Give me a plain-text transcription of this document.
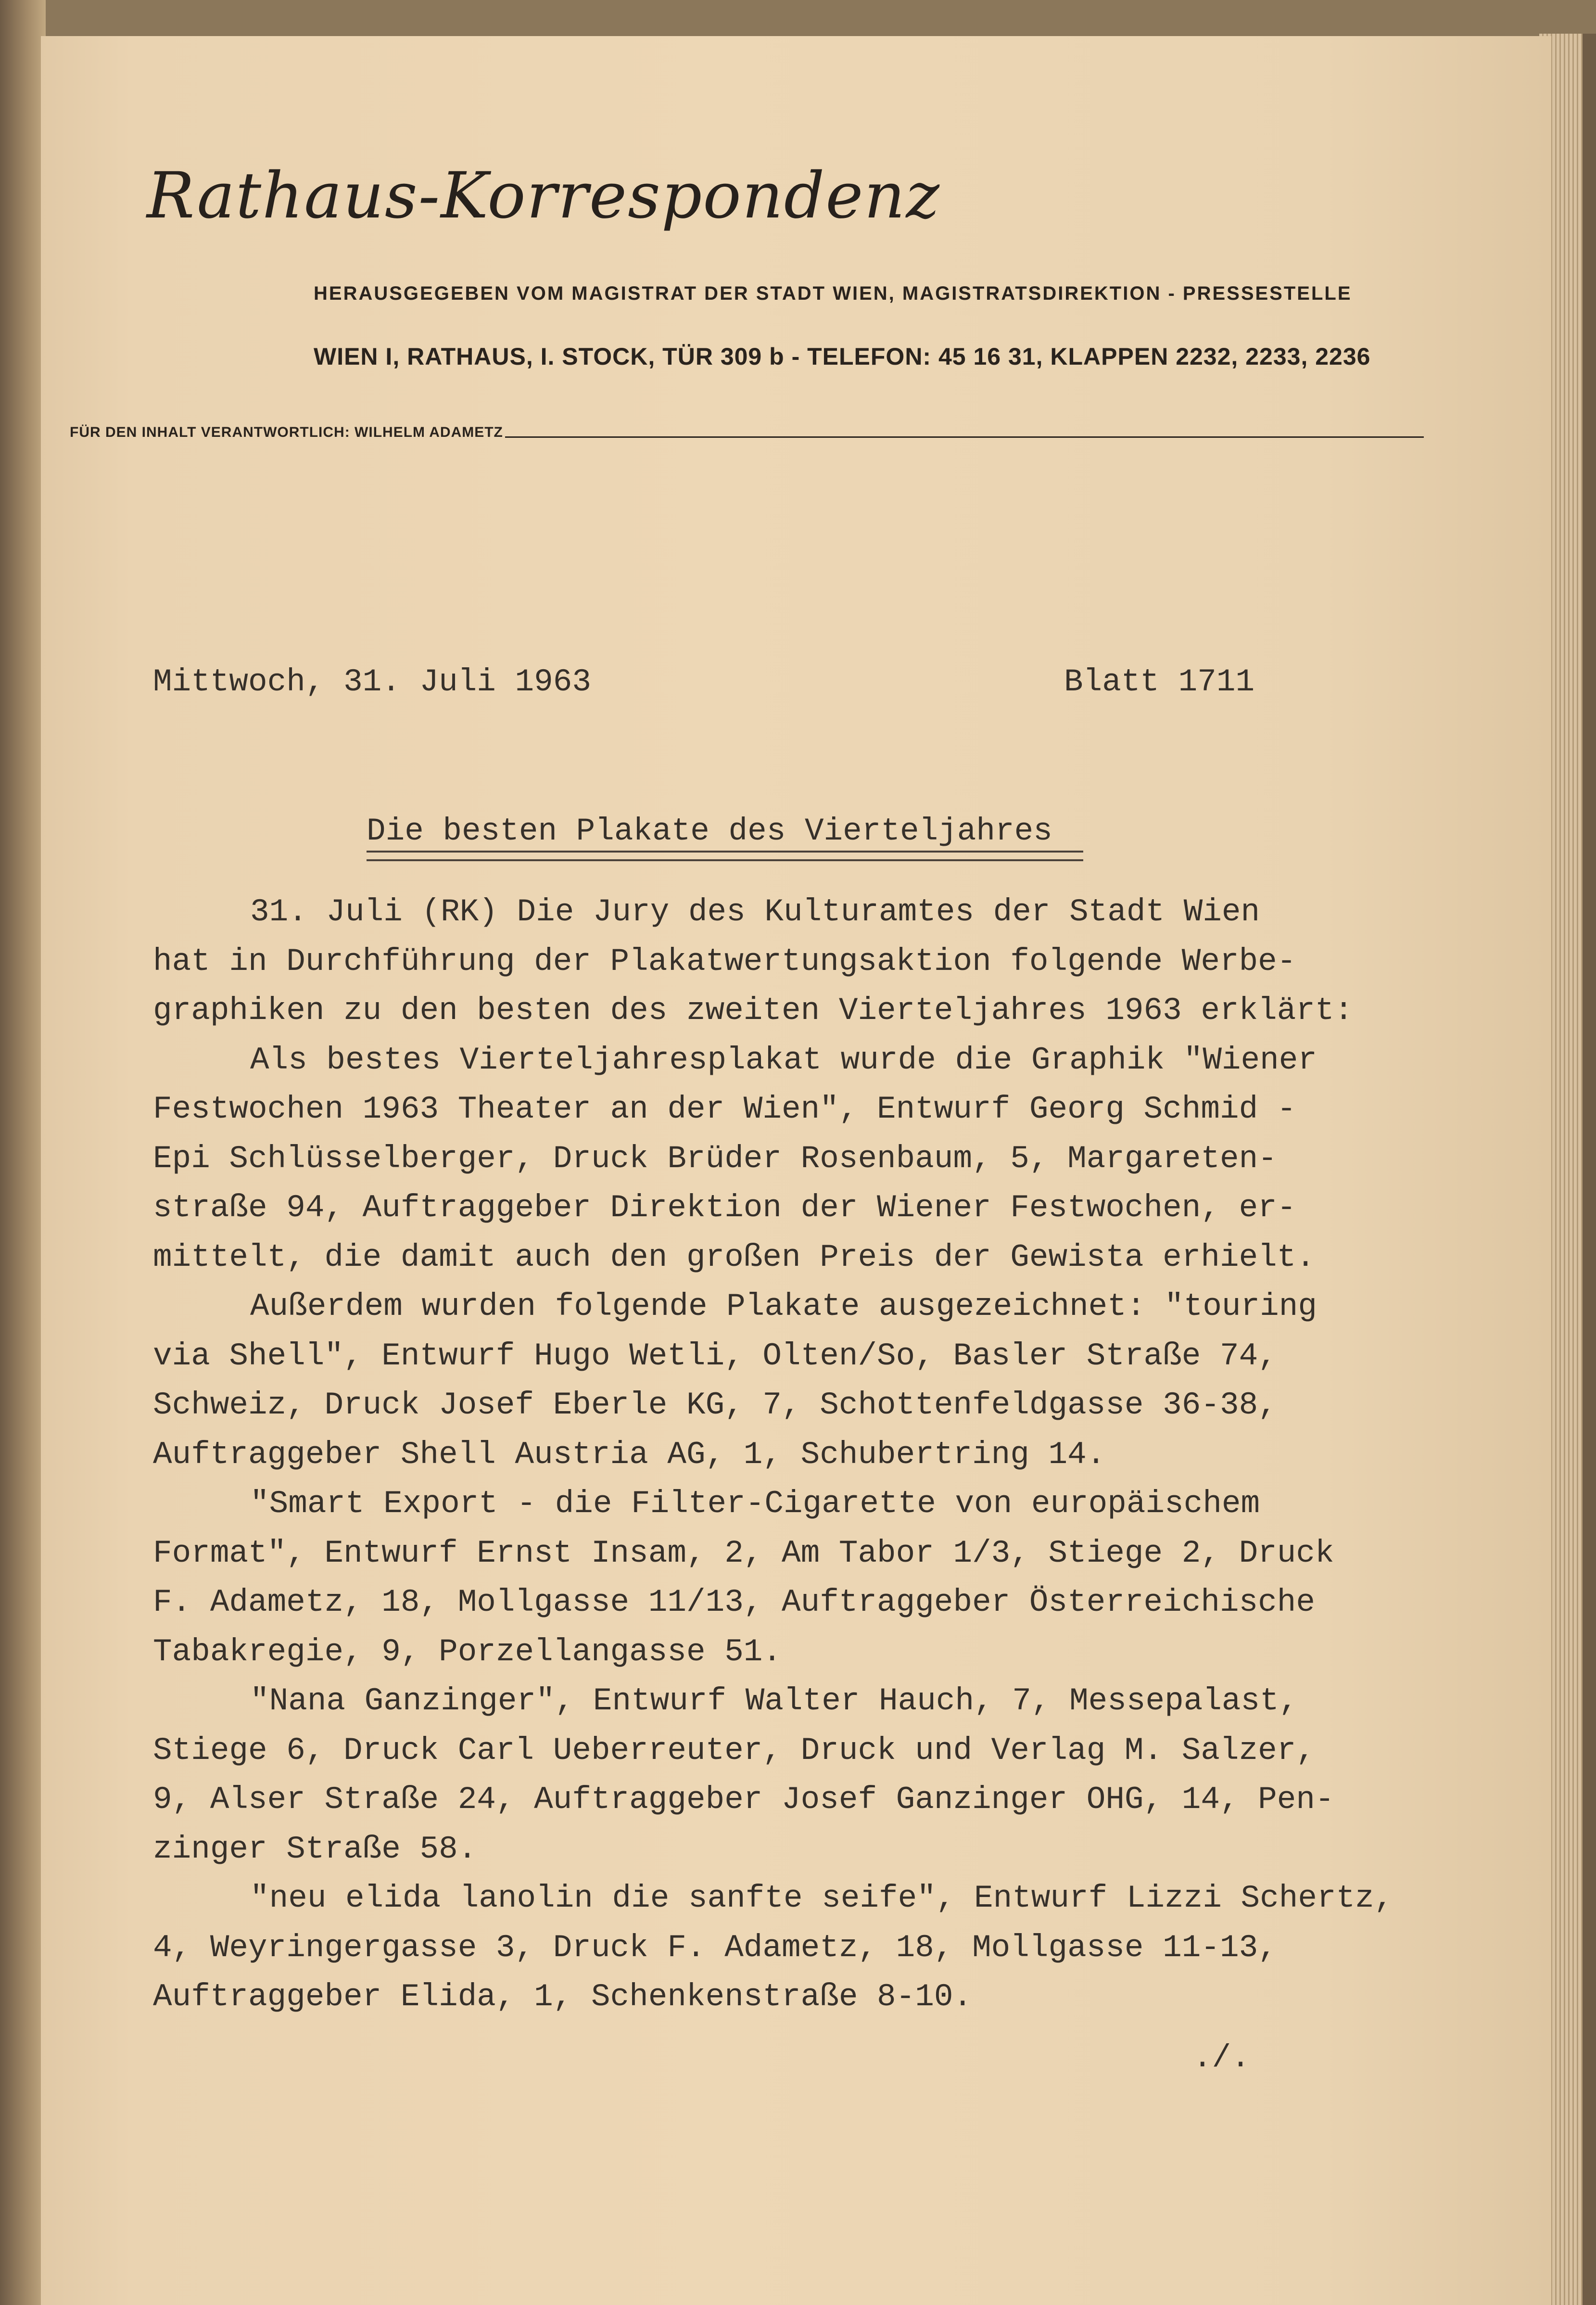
Rathaus-Korrespondenz
HERAUSGEGEBEN VOM MAGISTRAT DER STADT WIEN, MAGISTRATSDIREKTION - PRESSESTELLE
WIEN I, RATHAUS, I. STOCK, TÜR 309 b - TELEFON: 45 16 31, KLAPPEN 2232, 2233, 2236
FÜR DEN INHALT VERANTWORTLICH: WILHELM ADAMETZ
Mittwoch, 31. Juli 1963	Blatt 1711
Die besten Plakate des Vierteljahres
31. Juli (RK) Die Jury des Kulturamtes der Stadt Wien
hat in Durchführung der Plakatwertungsaktion folgende Werbe-
graphiken zu den besten des zweiten Vierteljahres 1963 erklärt:
Als bestes Vierteljahresplakat wurde die Graphik "Wiener
Festwochen 1963 Theater an der Wien", Entwurf Georg Schmid -
Epi Schlüsselberger, Druck Brüder Rosenbaum, 5, Margareten-
straße 94, Auftraggeber Direktion der Wiener Festwochen, er-
mittelt, die damit auch den großen Preis der Gewista erhielt.
Außerdem wurden folgende Plakate ausgezeichnet: "touring
via Shell", Entwurf Hugo Wetli, Olten/So, Basler Straße 74,
Schweiz, Druck Josef Eberle KG, 7, Schottenfeldgasse 36-38,
Auftraggeber Shell Austria AG, 1, Schubertring 14.
"Smart Export - die Filter-Cigarette von europäischem
Format", Entwurf Ernst Insam, 2, Am Tabor 1/3, Stiege 2, Druck
F. Adametz, 18, Mollgasse 11/13, Auftraggeber Österreichische
Tabakregie, 9, Porzellangasse 51.
"Nana Ganzinger", Entwurf Walter Hauch, 7, Messepalast,
Stiege 6, Druck Carl Ueberreuter, Druck und Verlag M. Salzer,
9, Alser Straße 24, Auftraggeber Josef Ganzinger OHG, 14, Pen-
zinger Straße 58.
"neu elida lanolin die sanfte seife", Entwurf Lizzi Schertz,
4, Weyringergasse 3, Druck F. Adametz, 18, Mollgasse 11-13,
Auftraggeber Elida, 1, Schenkenstraße 8-10.
./.
